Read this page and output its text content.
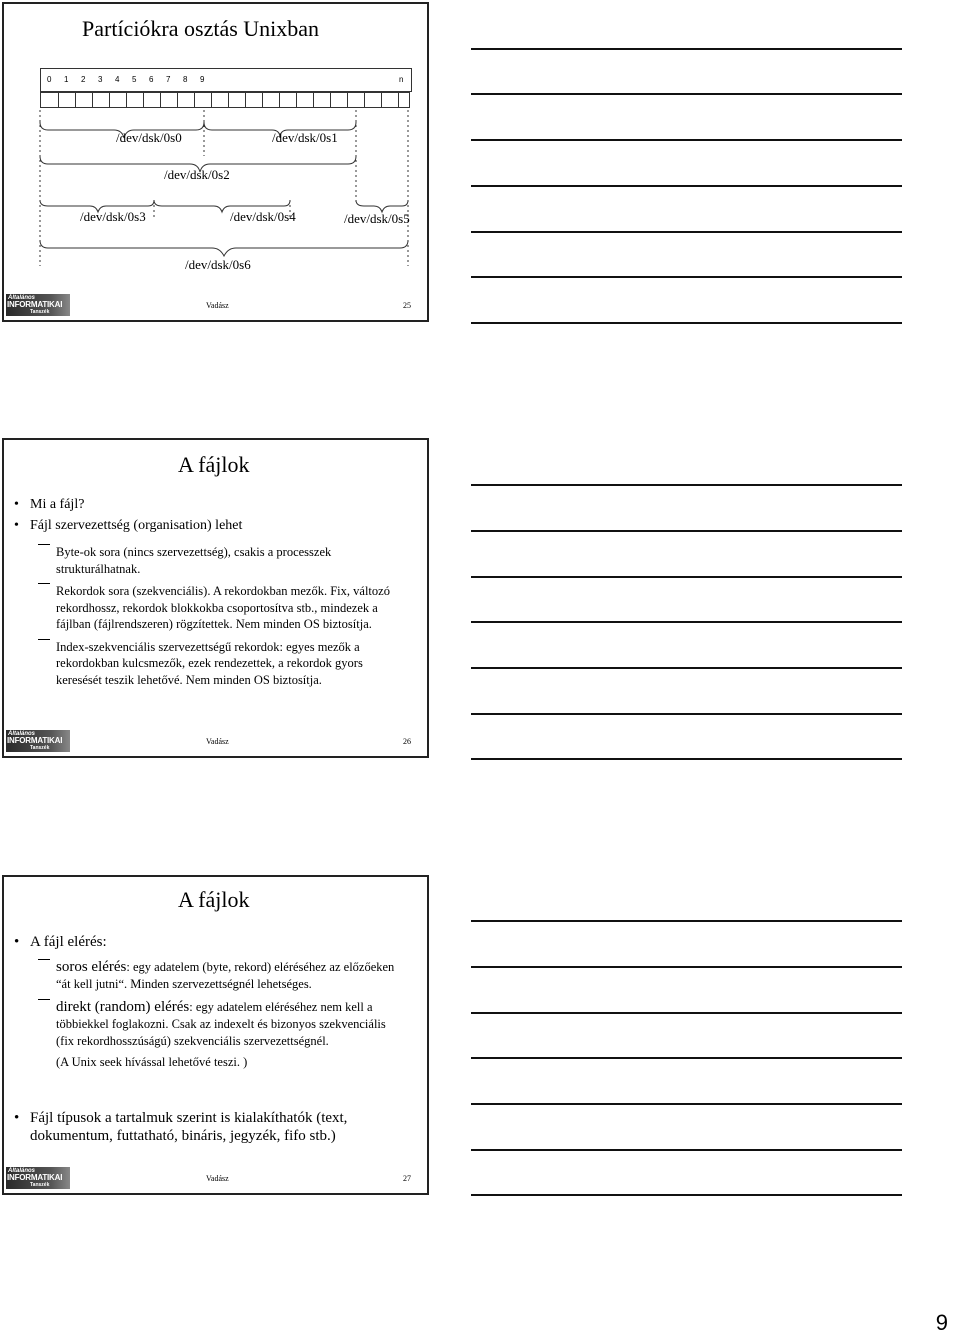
Partíciókra osztás Unixban
0 1 2 3 4 5 6 7 8 9	n
/dev/dsk/0s0	/dev/dsk/0s1
/dev/dsk/0s2
/dev/dsk/0s3	/dev/dsk/0s4	/dev/dsk/0s5
/dev/dsk/0s6
Általános
INFORMATIKAI
Tanszék
Vadász	25
A fájlok
• Mi a fájl?
• Fájl szervezettség (organisation) lehet
Byte-ok sora (nincs szervezettség), csakis a processzek strukturálhatnak.
Rekordok sora (szekvenciális). A rekordokban mezők. Fix, változó rekordhossz, rekordok blokkokba csoportosítva stb., mindezek a fájlban (fájlrendszeren) rögzítettek. Nem minden OS biztosítja.
Index-szekvenciális szervezettségű rekordok: egyes mezők a rekordokban kulcsmezők, ezek rendezettek, a rekordok gyors keresését teszik lehetővé. Nem minden OS biztosítja.
Általános
INFORMATIKAI
Tanszék
Vadász	26
A fájlok
• A fájl elérés:
soros elérés: egy adatelem (byte, rekord) eléréséhez az előzőeken “át kell jutni“. Minden szervezettségnél lehetséges.
direkt (random) elérés: egy adatelem eléréséhez nem kell a többiekkel foglakozni. Csak az indexelt és bizonyos szekvenciális (fix rekordhosszúságú) szekvenciális szervezettségnél.
(A Unix seek hívással lehetővé teszi. )
• Fájl típusok a tartalmuk szerint is kialakíthatók (text, dokumentum, futtatható, bináris, jegyzék, fifo stb.)
Általános
INFORMATIKAI
Tanszék
Vadász	27
9
